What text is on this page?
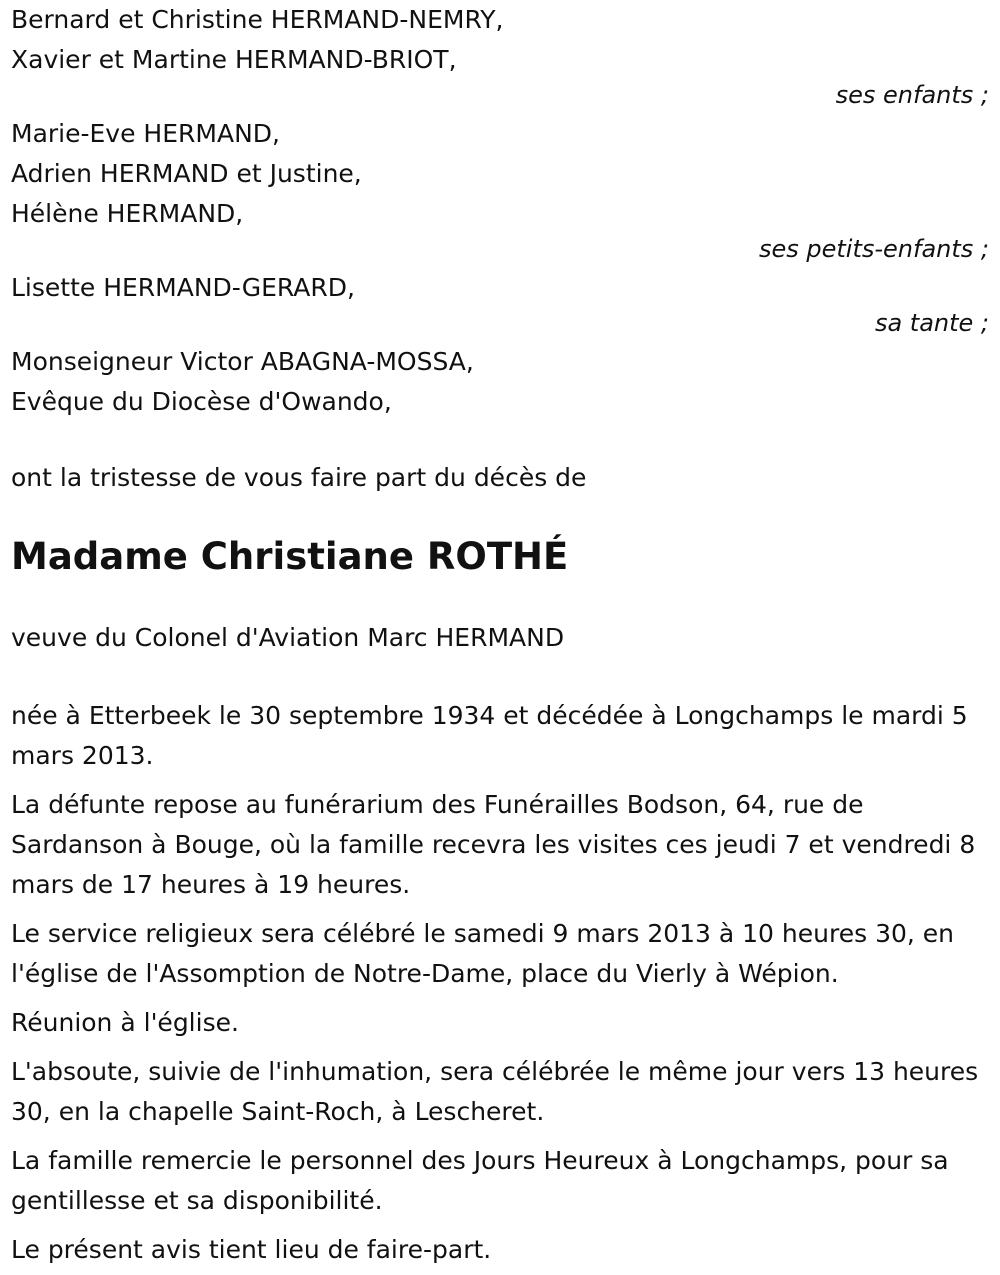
Bernard et Christine HERMAND-NEMRY,

Xavier et Martine HERMAND-BRIOT,

ses enfants ;

Marie-Eve HERMAND,

Adrien HERMAND et Justine,

Hélène HERMAND,

ses petits-enfants ;

Lisette HERMAND-GERARD,

sa tante ;

Monseigneur Victor ABAGNA-MOSSA,

Evêque du Diocèse d'Owando,

ont la tristesse de vous faire part du décès de

Madame Christiane ROTHÉ

veuve du Colonel d'Aviation Marc HERMAND

née à Etterbeek le 30 septembre 1934 et décédée à Longchamps le mardi 5 mars 2013.

La défunte repose au funérarium des Funérailles Bodson, 64, rue de Sardanson à Bouge, où la famille recevra les visites ces jeudi 7 et vendredi 8 mars de 17 heures à 19 heures.

Le service religieux sera célébré le samedi 9 mars 2013 à 10 heures 30, en l'église de l'Assomption de Notre-Dame, place du Vierly à Wépion.

Réunion à l'église.

L'absoute, suivie de l'inhumation, sera célébrée le même jour vers 13 heures 30, en la chapelle Saint-Roch, à Lescheret.

La famille remercie le personnel des Jours Heureux à Longchamps, pour sa gentillesse et sa disponibilité.

Le présent avis tient lieu de faire-part.
